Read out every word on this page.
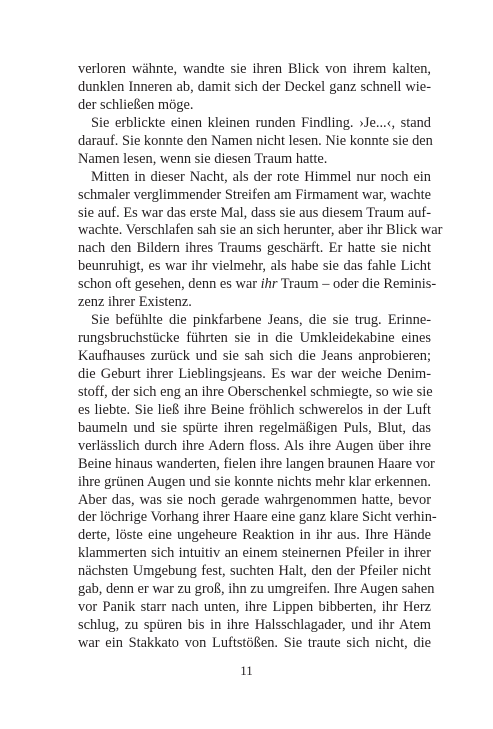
verloren wähnte, wandte sie ihren Blick von ihrem kalten,
dunklen Inneren ab, damit sich der Deckel ganz schnell wie-
der schließen möge.
Sie erblickte einen kleinen runden Findling. ›Je...‹, stand
darauf. Sie konnte den Namen nicht lesen. Nie konnte sie den
Namen lesen, wenn sie diesen Traum hatte.
Mitten in dieser Nacht, als der rote Himmel nur noch ein
schmaler verglimmender Streifen am Firmament war, wachte
sie auf. Es war das erste Mal, dass sie aus diesem Traum auf-
wachte. Verschlafen sah sie an sich herunter, aber ihr Blick war
nach den Bildern ihres Traums geschärft. Er hatte sie nicht
beunruhigt, es war ihr vielmehr, als habe sie das fahle Licht
schon oft gesehen, denn es war ihr Traum – oder die Reminis-
zenz ihrer Existenz.
Sie befühlte die pinkfarbene Jeans, die sie trug. Erinne-
rungsbruchstücke führten sie in die Umkleidekabine eines
Kaufhauses zurück und sie sah sich die Jeans anprobieren;
die Geburt ihrer Lieblingsjeans. Es war der weiche Denim-
stoff, der sich eng an ihre Oberschenkel schmiegte, so wie sie
es liebte. Sie ließ ihre Beine fröhlich schwerelos in der Luft
baumeln und sie spürte ihren regelmäßigen Puls, Blut, das
verlässlich durch ihre Adern floss. Als ihre Augen über ihre
Beine hinaus wanderten, fielen ihre langen braunen Haare vor
ihre grünen Augen und sie konnte nichts mehr klar erkennen.
Aber das, was sie noch gerade wahrgenommen hatte, bevor
der löchrige Vorhang ihrer Haare eine ganz klare Sicht verhin-
derte, löste eine ungeheure Reaktion in ihr aus. Ihre Hände
klammerten sich intuitiv an einem steinernen Pfeiler in ihrer
nächsten Umgebung fest, suchten Halt, den der Pfeiler nicht
gab, denn er war zu groß, ihn zu umgreifen. Ihre Augen sahen
vor Panik starr nach unten, ihre Lippen bibberten, ihr Herz
schlug, zu spüren bis in ihre Halsschlagader, und ihr Atem
war ein Stakkato von Luftstößen. Sie traute sich nicht, die
11
